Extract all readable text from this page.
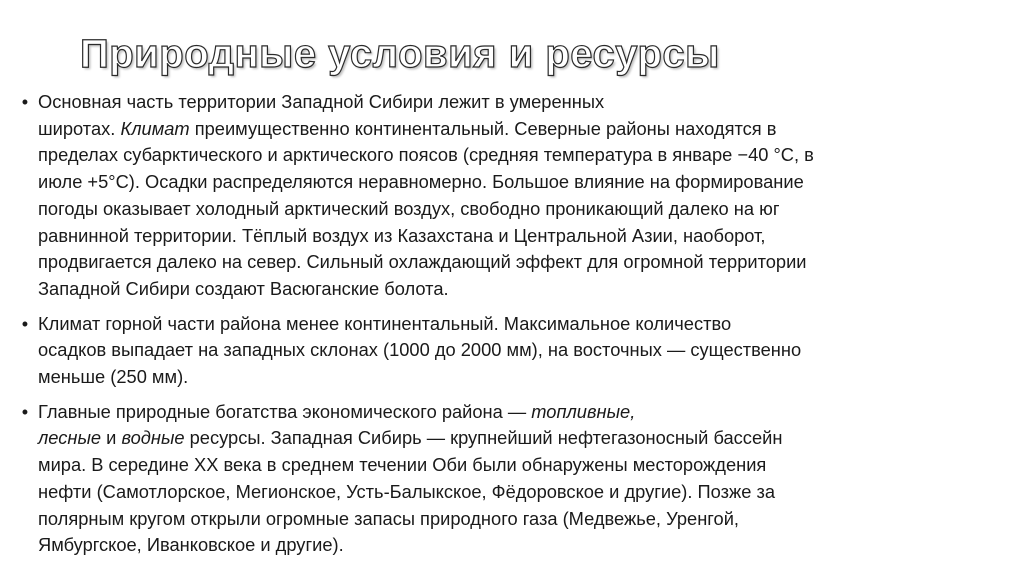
Природные условия и ресурсы
• Основная часть территории Западной Сибири лежит в умеренных
широтах. Климат преимущественно континентальный. Северные районы находятся в
пределах субарктического и арктического поясов (средняя температура в январе −40 °C, в
июле +5°C). Осадки распределяются неравномерно. Большое влияние на формирование
погоды оказывает холодный арктический воздух, свободно проникающий далеко на юг
равнинной территории. Тёплый воздух из Казахстана и Центральной Азии, наоборот,
продвигается далеко на север. Сильный охлаждающий эффект для огромной территории
Западной Сибири создают Васюганские болота.
• Климат горной части района менее континентальный. Максимальное количество
осадков выпадает на западных склонах (1000 до 2000 мм), на восточных — существенно
меньше (250 мм).
• Главные природные богатства экономического района — топливные,
лесные и водные ресурсы. Западная Сибирь — крупнейший нефтегазоносный бассейн
мира. В середине XX века в среднем течении Оби были обнаружены месторождения
нефти (Самотлорское, Мегионское, Усть-Балыкское, Фёдоровское и другие). Позже за
полярным кругом открыли огромные запасы природного газа (Медвежье, Уренгой,
Ямбургское, Иванковское и другие).
